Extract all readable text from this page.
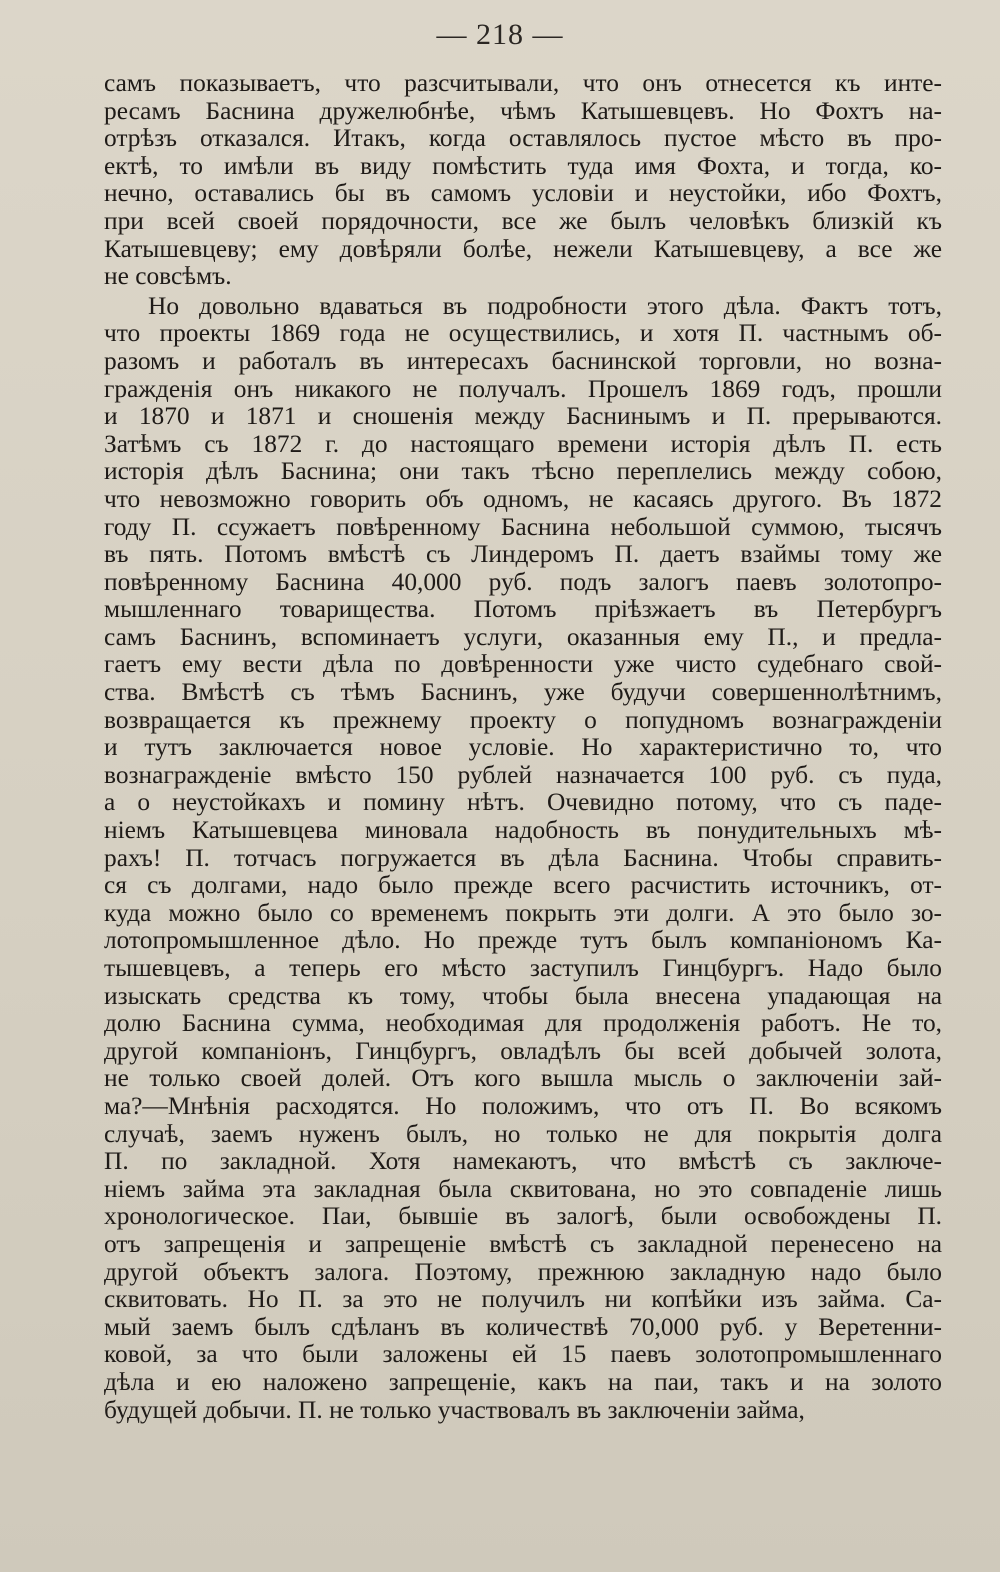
— 218 —
самъ показываетъ, что разсчитывали, что онъ отнесется къ инте-
ресамъ Баснина дружелюбнѣе, чѣмъ Катышевцевъ. Но Фохтъ на-
отрѣзъ отказался. Итакъ, когда оставлялось пустое мѣсто въ про-
ектѣ, то имѣли въ виду помѣстить туда имя Фохта, и тогда, ко-
нечно, оставались бы въ самомъ условіи и неустойки, ибо Фохтъ,
при всей своей порядочности, все же былъ человѣкъ близкій къ
Катышевцеву; ему довѣряли болѣе, нежели Катышевцеву, а все же
не совсѣмъ.
Но довольно вдаваться въ подробности этого дѣла. Фактъ тотъ,
что проекты 1869 года не осуществились, и хотя П. частнымъ об-
разомъ и работалъ въ интересахъ баснинской торговли, но возна-
гражденія онъ никакого не получалъ. Прошелъ 1869 годъ, прошли
и 1870 и 1871 и сношенія между Баснинымъ и П. прерываются.
Затѣмъ съ 1872 г. до настоящаго времени исторія дѣлъ П. есть
исторія дѣлъ Баснина; они такъ тѣсно переплелись между собою,
что невозможно говорить объ одномъ, не касаясь другого. Въ 1872
году П. ссужаетъ повѣренному Баснина небольшой суммою, тысячъ
въ пять. Потомъ вмѣстѣ съ Линдеромъ П. даетъ взаймы тому же
повѣренному Баснина 40,000 руб. подъ залогъ паевъ золотопро-
мышленнаго товарищества. Потомъ пріѣзжаетъ въ Петербургъ
самъ Баснинъ, вспоминаетъ услуги, оказанныя ему П., и предла-
гаетъ ему вести дѣла по довѣренности уже чисто судебнаго свой-
ства. Вмѣстѣ съ тѣмъ Баснинъ, уже будучи совершеннолѣтнимъ,
возвращается къ прежнему проекту о попудномъ вознагражденіи
и тутъ заключается новое условіе. Но характеристично то, что
вознагражденіе вмѣсто 150 рублей назначается 100 руб. съ пуда,
а о неустойкахъ и помину нѣтъ. Очевидно потому, что съ паде-
ніемъ Катышевцева миновала надобность въ понудительныхъ мѣ-
рахъ! П. тотчасъ погружается въ дѣла Баснина. Чтобы справить-
ся съ долгами, надо было прежде всего расчистить источникъ, от-
куда можно было со временемъ покрыть эти долги. А это было зо-
лотопромышленное дѣло. Но прежде тутъ былъ компаніономъ Ка-
тышевцевъ, а теперь его мѣсто заступилъ Гинцбургъ. Надо было
изыскать средства къ тому, чтобы была внесена упадающая на
долю Баснина сумма, необходимая для продолженія работъ. Не то,
другой компаніонъ, Гинцбургъ, овладѣлъ бы всей добычей золота,
не только своей долей. Отъ кого вышла мысль о заключеніи зай-
ма?—Мнѣнія расходятся. Но положимъ, что отъ П. Во всякомъ
случаѣ, заемъ нуженъ былъ, но только не для покрытія долга
П. по закладной. Хотя намекаютъ, что вмѣстѣ съ заключе-
ніемъ займа эта закладная была сквитована, но это совпаденіе лишь
хронологическое. Паи, бывшіе въ залогѣ, были освобождены П.
отъ запрещенія и запрещеніе вмѣстѣ съ закладной перенесено на
другой объектъ залога. Поэтому, прежнюю закладную надо было
сквитовать. Но П. за это не получилъ ни копѣйки изъ займа. Са-
мый заемъ былъ сдѣланъ въ количествѣ 70,000 руб. у Веретенни-
ковой, за что были заложены ей 15 паевъ золотопромышленнаго
дѣла и ею наложено запрещеніе, какъ на паи, такъ и на золото
будущей добычи. П. не только участвовалъ въ заключеніи займа,
